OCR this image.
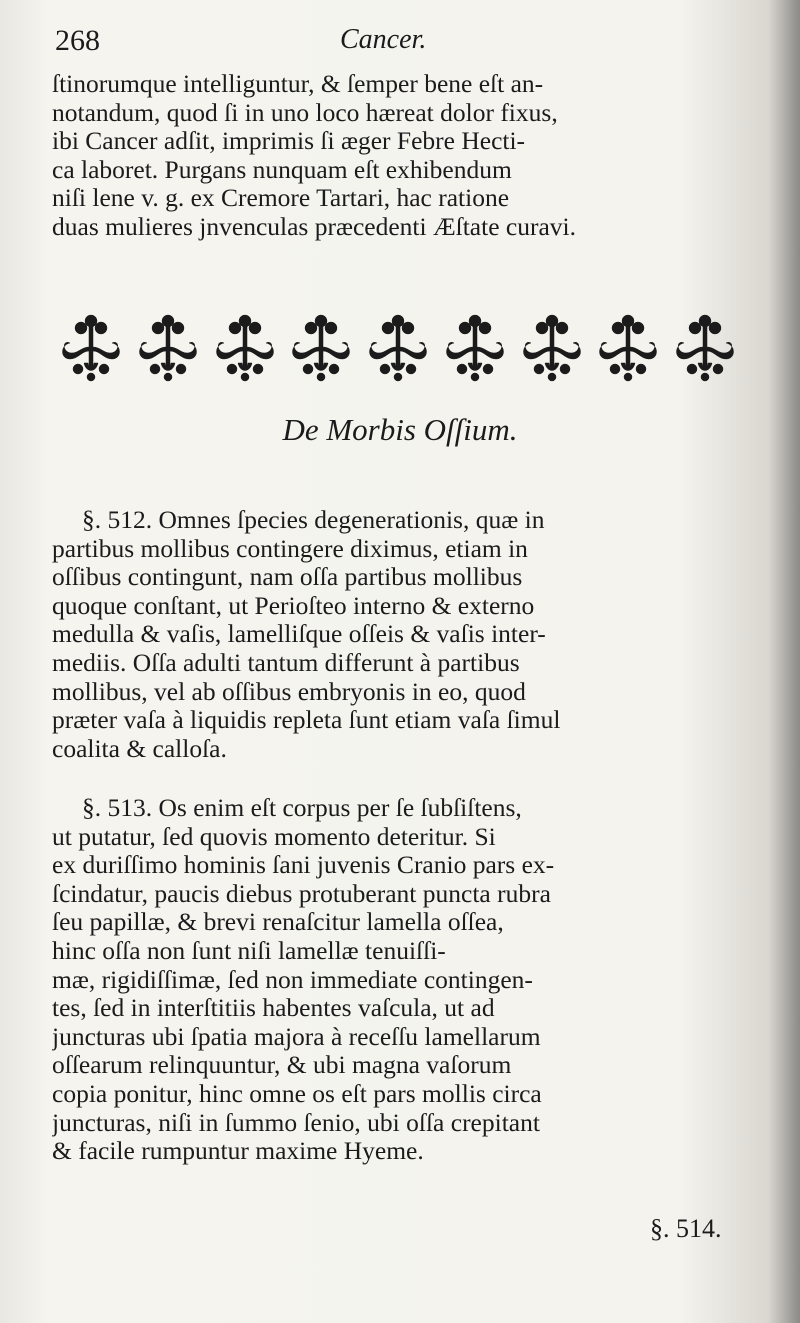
268	Cancer.
ſtinorumque intelliguntur, & ſemper bene eſt an-
notandum, quod ſi in uno loco hæreat dolor fixus,
ibi Cancer adſit, imprimis ſi æger Febre Hecti-
ca laboret. Purgans nunquam eſt exhibendum
niſi lene v. g. ex Cremore Tartari, hac ratione
duas mulieres jnvenculas præcedenti Æſtate curavi.
De Morbis Oſſium.
§. 512. Omnes ſpecies degenerationis, quæ in
partibus mollibus contingere diximus, etiam in
oſſibus contingunt, nam oſſa partibus mollibus
quoque conſtant, ut Perioſteo interno & externo
medulla & vaſis, lamelliſque oſſeis & vaſis inter-
mediis. Oſſa adulti tantum differunt à partibus
mollibus, vel ab oſſibus embryonis in eo, quod
præter vaſa à liquidis repleta ſunt etiam vaſa ſimul
coalita & calloſa.
§. 513. Os enim eſt corpus per ſe ſubſiſtens,
ut putatur, ſed quovis momento deteritur. Si
ex duriſſimo hominis ſani juvenis Cranio pars ex-
ſcindatur, paucis diebus protuberant puncta rubra
ſeu papillæ, & brevi renaſcitur lamella oſſea,
hinc oſſa non ſunt niſi lamellæ tenuiſſi-
mæ, rigidiſſimæ, ſed non immediate contingen-
tes, ſed in interſtitiis habentes vaſcula, ut ad
juncturas ubi ſpatia majora à receſſu lamellarum
oſſearum relinquuntur, & ubi magna vaſorum
copia ponitur, hinc omne os eſt pars mollis circa
juncturas, niſi in ſummo ſenio, ubi oſſa crepitant
& facile rumpuntur maxime Hyeme.
§. 514.
